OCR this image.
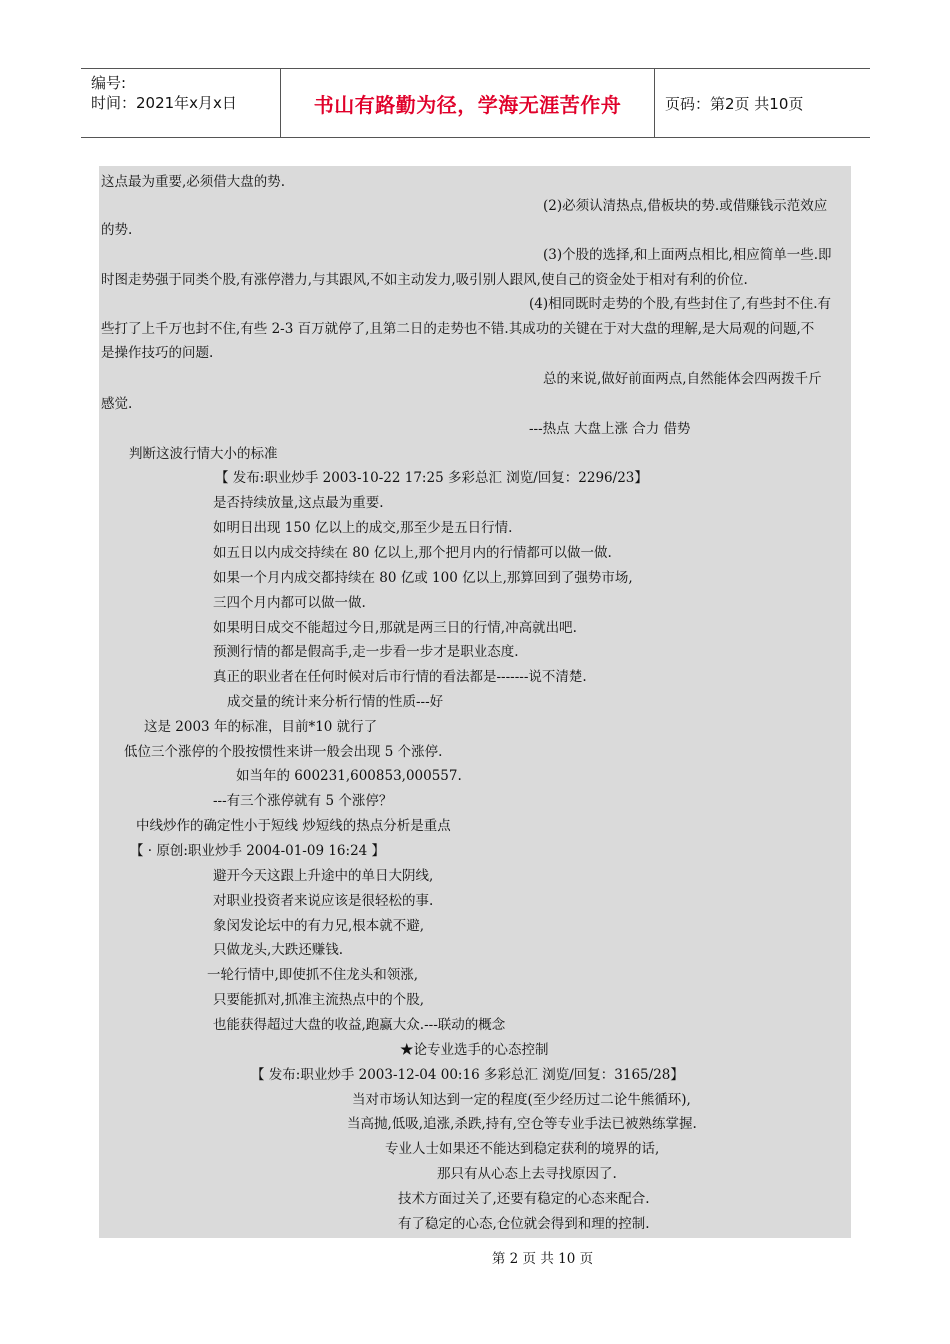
编号:
时间：2021年x月x日	书山有路勤为径，学海无涯苦作舟	页码：第2页 共10页
这点最为重要,必须借大盘的势.
(2)必须认清热点,借板块的势.或借赚钱示范效应
的势.
(3)个股的选择,和上面两点相比,相应简单一些.即
时图走势强于同类个股,有涨停潜力,与其跟风,不如主动发力,吸引别人跟风,使自己的资金处于相对有利的价位.
(4)相同既时走势的个股,有些封住了,有些封不住.有
些打了上千万也封不住,有些 2-3 百万就停了,且第二日的走势也不错.其成功的关键在于对大盘的理解,是大局观的问题,不
是操作技巧的问题.
总的来说,做好前面两点,自然能体会四两拨千斤
感觉.
---热点 大盘上涨 合力 借势
判断这波行情大小的标准
【 发布:职业炒手 2003-10-22 17:25 多彩总汇 浏览/回复：2296/23】
是否持续放量,这点最为重要.
如明日出现 150 亿以上的成交,那至少是五日行情.
如五日以内成交持续在 80 亿以上,那个把月内的行情都可以做一做.
如果一个月内成交都持续在 80 亿或 100 亿以上,那算回到了强势市场,
三四个月内都可以做一做.
如果明日成交不能超过今日,那就是两三日的行情,冲高就出吧.
预测行情的都是假高手,走一步看一步才是职业态度.
真正的职业者在任何时候对后市行情的看法都是-------说不清楚.
成交量的统计来分析行情的性质---好
这是 2003 年的标准，目前*10 就行了
低位三个涨停的个股按惯性来讲一般会出现 5 个涨停.
如当年的 600231,600853,000557.
---有三个涨停就有 5 个涨停？
中线炒作的确定性小于短线 炒短线的热点分析是重点
【 · 原创:职业炒手 2004-01-09 16:24 】
避开今天这跟上升途中的单日大阴线,
对职业投资者来说应该是很轻松的事.
象闵发论坛中的有力兄,根本就不避,
只做龙头,大跌还赚钱.
一轮行情中,即使抓不住龙头和领涨,
只要能抓对,抓准主流热点中的个股,
也能获得超过大盘的收益,跑赢大众.---联动的概念
★论专业选手的心态控制
【 发布:职业炒手 2003-12-04 00:16 多彩总汇 浏览/回复：3165/28】
当对市场认知达到一定的程度(至少经历过二论牛熊循环),
当高抛,低吸,追涨,杀跌,持有,空仓等专业手法已被熟练掌握.
专业人士如果还不能达到稳定获利的境界的话,
那只有从心态上去寻找原因了.
技术方面过关了,还要有稳定的心态来配合.
有了稳定的心态,仓位就会得到和理的控制.
第 2 页 共 10 页
